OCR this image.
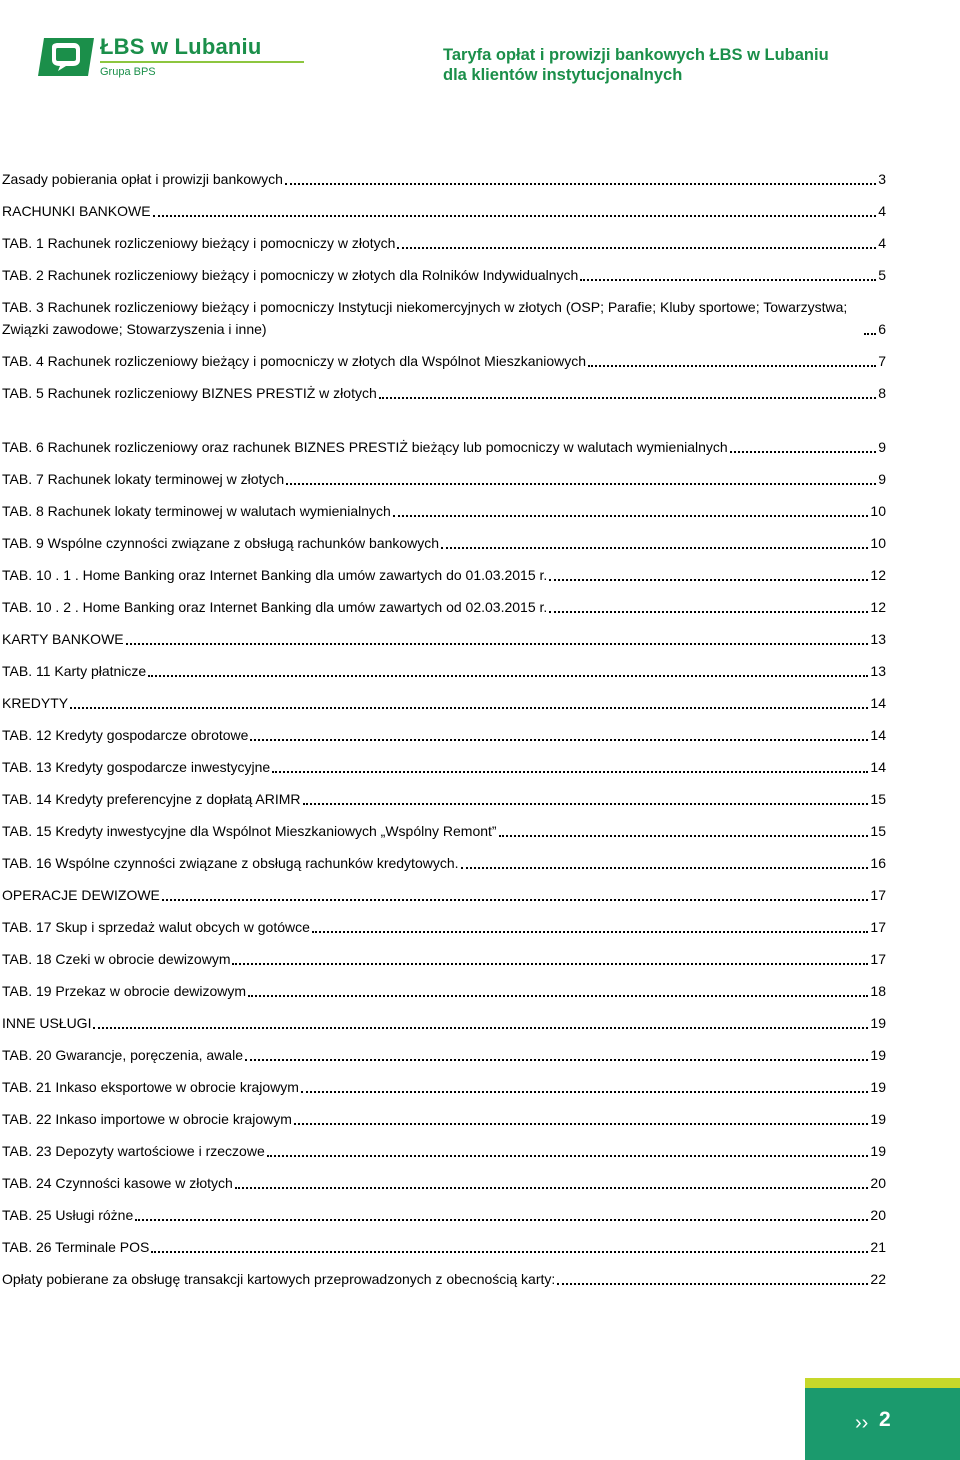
ŁBS w Lubaniu
Grupa BPS
Taryfa opłat i prowizji bankowych ŁBS w Lubaniu
dla klientów instytucjonalnych
Zasady pobierania opłat i prowizji bankowych	3
RACHUNKI BANKOWE	4
TAB. 1 Rachunek rozliczeniowy bieżący i pomocniczy w złotych	4
TAB. 2 Rachunek rozliczeniowy bieżący i pomocniczy w złotych dla Rolników Indywidualnych	5
TAB. 3 Rachunek rozliczeniowy bieżący i pomocniczy Instytucji niekomercyjnych w złotych (OSP; Parafie; Kluby sportowe; Towarzystwa; Związki zawodowe; Stowarzyszenia i inne)	6
TAB. 4 Rachunek rozliczeniowy bieżący i pomocniczy w złotych dla Wspólnot Mieszkaniowych	7
TAB. 5 Rachunek rozliczeniowy BIZNES PRESTIŻ w złotych	8
TAB. 6 Rachunek rozliczeniowy oraz rachunek BIZNES PRESTIŻ bieżący lub pomocniczy w walutach wymienialnych	9
TAB. 7 Rachunek lokaty terminowej w złotych	9
TAB. 8 Rachunek lokaty terminowej w walutach wymienialnych	10
TAB. 9 Wspólne czynności związane z obsługą rachunków bankowych	10
TAB. 10 . 1 . Home Banking oraz Internet Banking dla umów zawartych do 01.03.2015 r.	12
TAB. 10 . 2 . Home Banking oraz Internet Banking dla umów zawartych od 02.03.2015 r.	12
KARTY BANKOWE	13
TAB. 11 Karty płatnicze	13
KREDYTY	14
TAB. 12 Kredyty gospodarcze obrotowe	14
TAB. 13 Kredyty gospodarcze inwestycyjne	14
TAB. 14 Kredyty preferencyjne z dopłatą ARIMR	15
TAB. 15 Kredyty inwestycyjne dla Wspólnot Mieszkaniowych „Wspólny Remont”	15
TAB. 16 Wspólne czynności związane z obsługą rachunków kredytowych.	16
OPERACJE DEWIZOWE	17
TAB. 17 Skup i sprzedaż walut obcych w gotówce	17
TAB. 18 Czeki w obrocie dewizowym	17
TAB. 19 Przekaz w obrocie dewizowym	18
INNE USŁUGI	19
TAB. 20 Gwarancje, poręczenia, awale	19
TAB. 21 Inkaso eksportowe w obrocie krajowym	19
TAB. 22 Inkaso importowe w obrocie krajowym	19
TAB. 23 Depozyty wartościowe i rzeczowe	19
TAB. 24 Czynności kasowe w złotych	20
TAB. 25 Usługi różne	20
TAB. 26 Terminale POS	21
Opłaty pobierane za obsługę transakcji kartowych przeprowadzonych z obecnością karty:	22
›› 2
